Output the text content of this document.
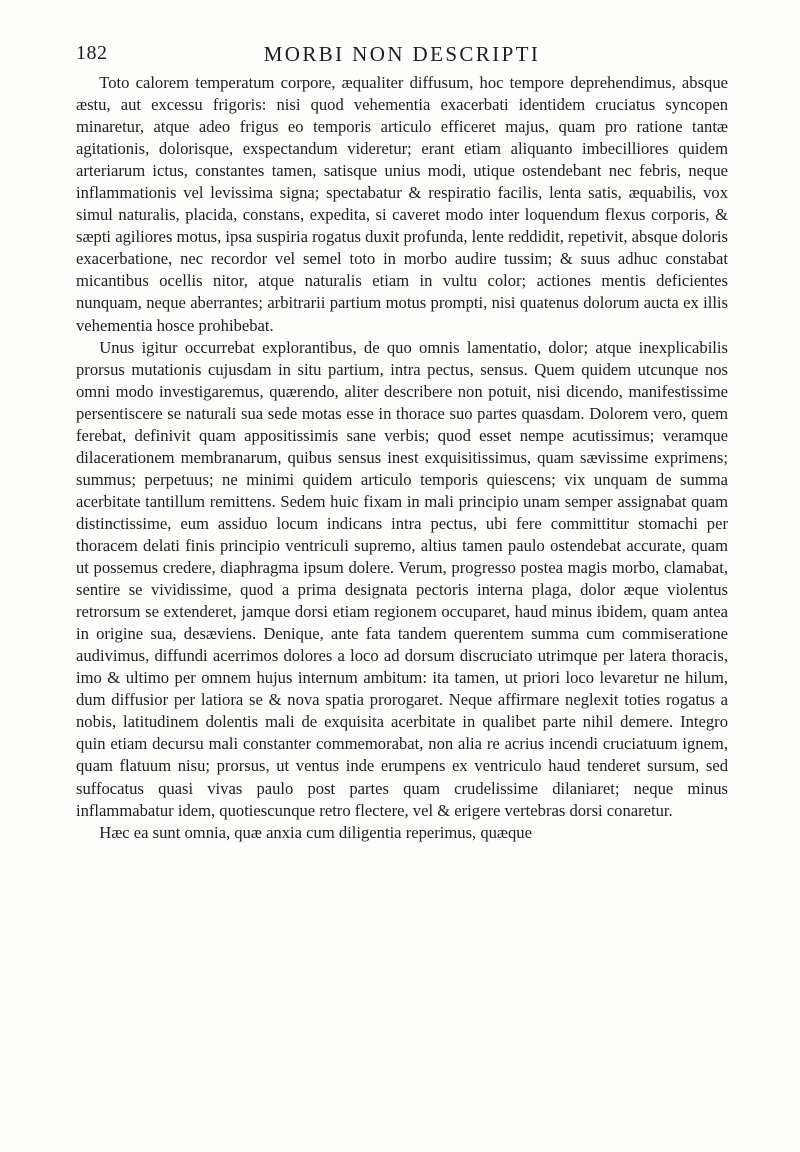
182	MORBI NON DESCRIPTI

Toto calorem temperatum corpore, æqualiter diffusum, hoc tempore deprehendimus, absque æstu, aut excessu frigoris: nisi quod vehementia exacerbati identidem cruciatus syncopen minaretur, atque adeo frigus eo temporis articulo efficeret majus, quam pro ratione tantæ agitationis, dolorisque, exspectandum videretur; erant etiam aliquanto imbecilliores quidem arteriarum ictus, constantes tamen, satisque unius modi, utique ostendebant nec febris, neque inflammationis vel levissima signa; spectabatur & respiratio facilis, lenta satis, æquabilis, vox simul naturalis, placida, constans, expedita, si caveret modo inter loquendum flexus corporis, & sæpti agiliores motus, ipsa suspiria rogatus duxit profunda, lente reddidit, repetivit, absque doloris exacerbatione, nec recordor vel semel toto in morbo audire tussim; & suus adhuc constabat micantibus ocellis nitor, atque naturalis etiam in vultu color; actiones mentis deficientes nunquam, neque aberrantes; arbitrarii partium motus prompti, nisi quatenus dolorum aucta ex illis vehementia hosce prohibebat.

Unus igitur occurrebat explorantibus, de quo omnis lamentatio, dolor; atque inexplicabilis prorsus mutationis cujusdam in situ partium, intra pectus, sensus. Quem quidem utcunque nos omni modo investigaremus, quærendo, aliter describere non potuit, nisi dicendo, manifestissime persentiscere se naturali sua sede motas esse in thorace suo partes quasdam. Dolorem vero, quem ferebat, definivit quam appositissimis sane verbis; quod esset nempe acutissimus; veramque dilacerationem membranarum, quibus sensus inest exquisitissimus, quam sævissime exprimens; summus; perpetuus; ne minimi quidem articulo temporis quiescens; vix unquam de summa acerbitate tantillum remittens. Sedem huic fixam in mali principio unam semper assignabat quam distinctissime, eum assiduo locum indicans intra pectus, ubi fere committitur stomachi per thoracem delati finis principio ventriculi supremo, altius tamen paulo ostendebat accurate, quam ut possemus credere, diaphragma ipsum dolere. Verum, progresso postea magis morbo, clamabat, sentire se vividissime, quod a prima designata pectoris interna plaga, dolor æque violentus retrorsum se extenderet, jamque dorsi etiam regionem occuparet, haud minus ibidem, quam antea in origine sua, desæviens. Denique, ante fata tandem querentem summa cum commiseratione audivimus, diffundi acerrimos dolores a loco ad dorsum discruciato utrimque per latera thoracis, imo & ultimo per omnem hujus internum ambitum: ita tamen, ut priori loco levaretur ne hilum, dum diffusior per latiora se & nova spatia prorogaret. Neque affirmare neglexit toties rogatus a nobis, latitudinem dolentis mali de exquisita acerbitate in qualibet parte nihil demere. Integro quin etiam decursu mali constanter commemorabat, non alia re acrius incendi cruciatuum ignem, quam flatuum nisu; prorsus, ut ventus inde erumpens ex ventriculo haud tenderet sursum, sed suffocatus quasi vivas paulo post partes quam crudelissime dilaniaret; neque minus inflammabatur idem, quotiescunque retro flectere, vel & erigere vertebras dorsi conaretur.

Hæc ea sunt omnia, quæ anxia cum diligentia reperimus, quæque
